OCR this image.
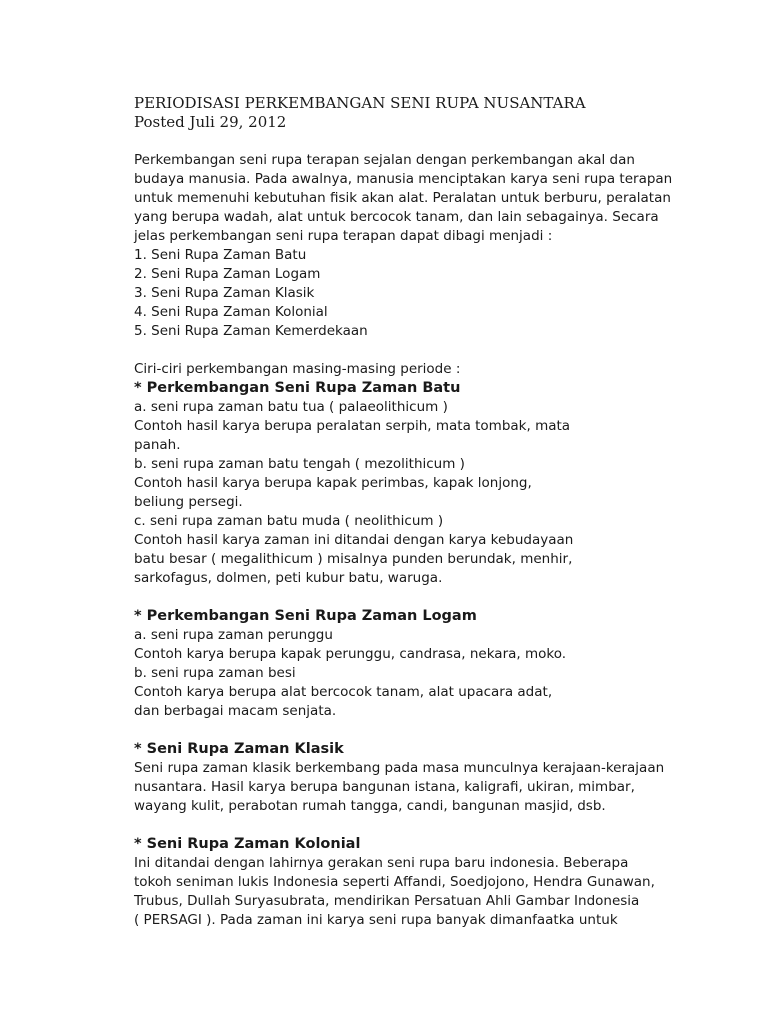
PERIODISASI PERKEMBANGAN SENI RUPA NUSANTARA
Posted Juli 29, 2012
Perkembangan seni rupa terapan sejalan dengan perkembangan akal dan
budaya manusia. Pada awalnya, manusia menciptakan karya seni rupa terapan
untuk memenuhi kebutuhan fisik akan alat. Peralatan untuk berburu, peralatan
yang berupa wadah, alat untuk bercocok tanam, dan lain sebagainya. Secara
jelas perkembangan seni rupa terapan dapat dibagi menjadi :
1. Seni Rupa Zaman Batu
2. Seni Rupa Zaman Logam
3. Seni Rupa Zaman Klasik
4. Seni Rupa Zaman Kolonial
5. Seni Rupa Zaman Kemerdekaan
Ciri-ciri perkembangan masing-masing periode :
* Perkembangan Seni Rupa Zaman Batu
a. seni rupa zaman batu tua ( palaeolithicum )
Contoh hasil karya berupa peralatan serpih, mata tombak, mata
panah.
b. seni rupa zaman batu tengah ( mezolithicum )
Contoh hasil karya berupa kapak perimbas, kapak lonjong,
beliung persegi.
c. seni rupa zaman batu muda ( neolithicum )
Contoh hasil karya zaman ini ditandai dengan karya kebudayaan
batu besar ( megalithicum ) misalnya punden berundak, menhir,
sarkofagus, dolmen, peti kubur batu, waruga.
* Perkembangan Seni Rupa Zaman Logam
a. seni rupa zaman perunggu
Contoh karya berupa kapak perunggu, candrasa, nekara, moko.
b. seni rupa zaman besi
Contoh karya berupa alat bercocok tanam, alat upacara adat,
dan berbagai macam senjata.
* Seni Rupa Zaman Klasik
Seni rupa zaman klasik berkembang pada masa munculnya kerajaan-kerajaan
nusantara. Hasil karya berupa bangunan istana, kaligrafi, ukiran, mimbar,
wayang kulit, perabotan rumah tangga, candi, bangunan masjid, dsb.
* Seni Rupa Zaman Kolonial
Ini ditandai dengan lahirnya gerakan seni rupa baru indonesia. Beberapa
tokoh seniman lukis Indonesia seperti Affandi, Soedjojono, Hendra Gunawan,
Trubus, Dullah Suryasubrata, mendirikan Persatuan Ahli Gambar Indonesia
( PERSAGI ). Pada zaman ini karya seni rupa banyak dimanfaatka untuk
